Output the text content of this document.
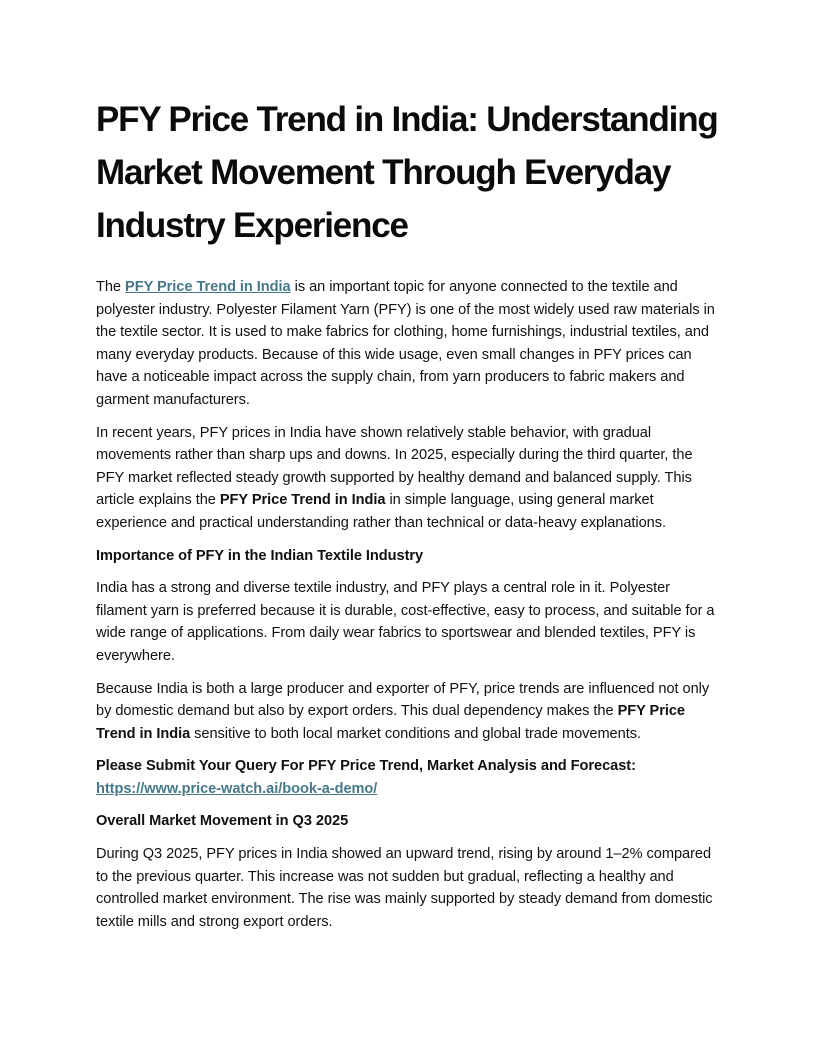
PFY Price Trend in India: Understanding Market Movement Through Everyday Industry Experience

The PFY Price Trend in India is an important topic for anyone connected to the textile and polyester industry. Polyester Filament Yarn (PFY) is one of the most widely used raw materials in the textile sector. It is used to make fabrics for clothing, home furnishings, industrial textiles, and many everyday products. Because of this wide usage, even small changes in PFY prices can have a noticeable impact across the supply chain, from yarn producers to fabric makers and garment manufacturers.

In recent years, PFY prices in India have shown relatively stable behavior, with gradual movements rather than sharp ups and downs. In 2025, especially during the third quarter, the PFY market reflected steady growth supported by healthy demand and balanced supply. This article explains the PFY Price Trend in India in simple language, using general market experience and practical understanding rather than technical or data-heavy explanations.

Importance of PFY in the Indian Textile Industry

India has a strong and diverse textile industry, and PFY plays a central role in it. Polyester filament yarn is preferred because it is durable, cost-effective, easy to process, and suitable for a wide range of applications. From daily wear fabrics to sportswear and blended textiles, PFY is everywhere.

Because India is both a large producer and exporter of PFY, price trends are influenced not only by domestic demand but also by export orders. This dual dependency makes the PFY Price Trend in India sensitive to both local market conditions and global trade movements.

Please Submit Your Query For PFY Price Trend, Market Analysis and Forecast: https://www.price-watch.ai/book-a-demo/

Overall Market Movement in Q3 2025

During Q3 2025, PFY prices in India showed an upward trend, rising by around 1–2% compared to the previous quarter. This increase was not sudden but gradual, reflecting a healthy and controlled market environment. The rise was mainly supported by steady demand from domestic textile mills and strong export orders.
